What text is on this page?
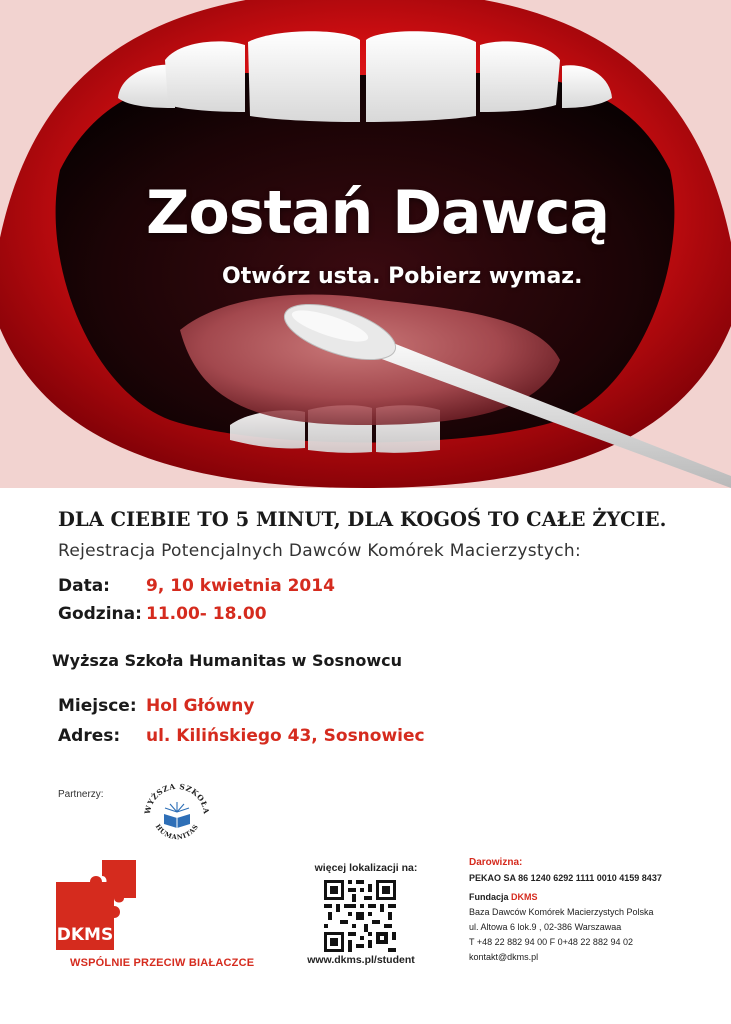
Zostań Dawcą
Otwórz usta. Pobierz wymaz.
DLA CIEBIE TO 5 MINUT, DLA KOGOŚ TO CAŁE ŻYCIE.
Rejestracja Potencjalnych Dawców Komórek Macierzystych:
Data: 9, 10 kwietnia 2014
Godzina: 11.00- 18.00
Wyższa Szkoła Humanitas w Sosnowcu
Miejsce: Hol Główny
Adres: ul. Kilińskiego 43, Sosnowiec
Partnerzy:
WYŻSZA SZKOŁA
HUMANITAS
DKMS
WSPÓLNIE PRZECIW BIAŁACZCE
więcej lokalizacji na:
www.dkms.pl/student
Darowizna:
PEKAO SA 86 1240 6292 1111 0010 4159 8437
Fundacja DKMS
Baza Dawców Komórek Macierzystych Polska
ul. Altowa 6 lok.9 , 02-386 Warszawaa
T +48 22 882 94 00 F 0+48 22 882 94 02
kontakt@dkms.pl
